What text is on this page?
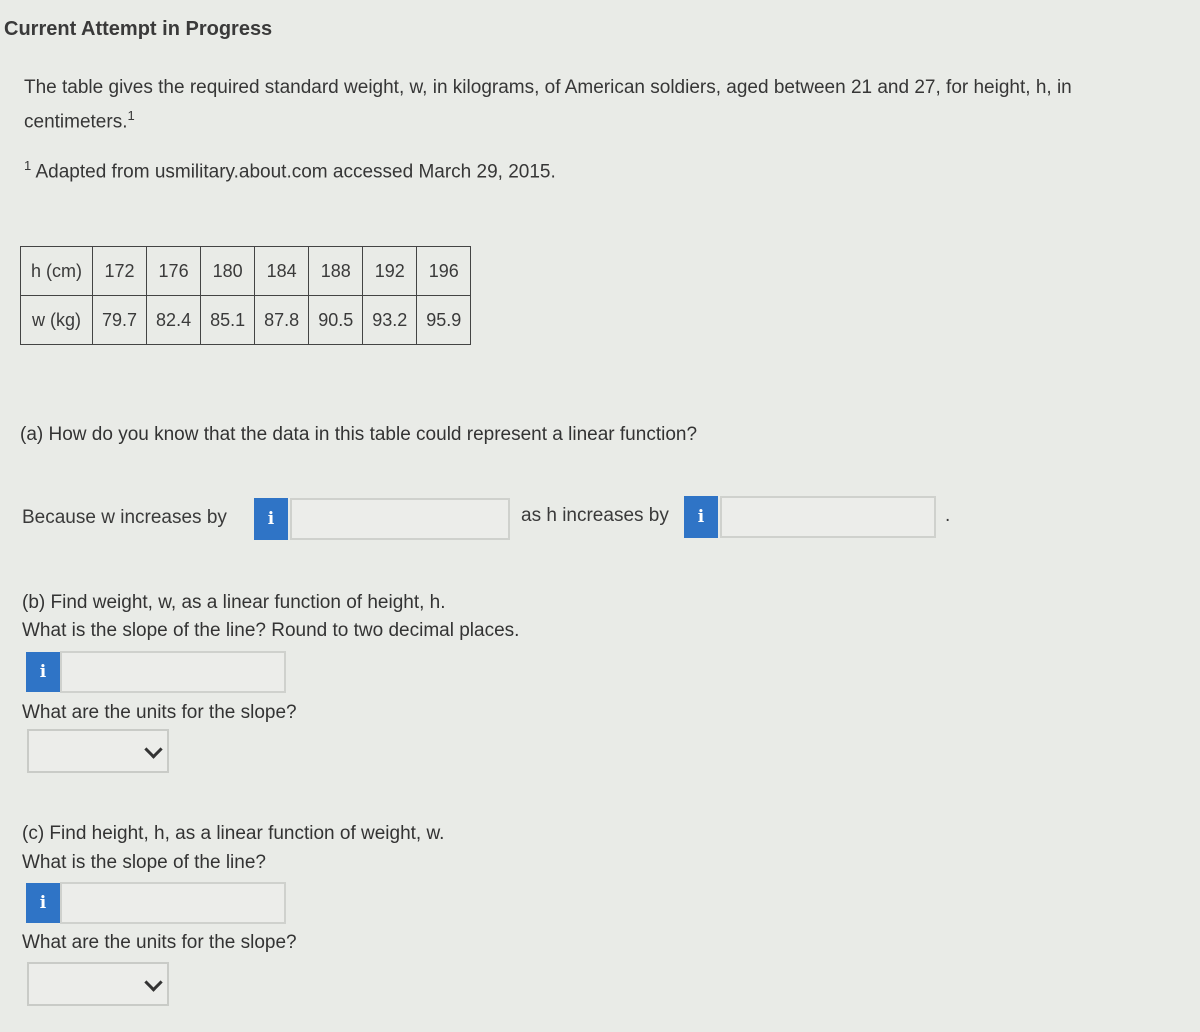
Current Attempt in Progress
The table gives the required standard weight, w, in kilograms, of American soldiers, aged between 21 and 27, for height, h, in centimeters.$^1$
$^1$ Adapted from usmilitary.about.com accessed March 29, 2015.
h (cm)	172	176	180	184	188	192	196
w (kg)	79.7	82.4	85.1	87.8	90.5	93.2	95.9
(a) How do you know that the data in this table could represent a linear function?
Because w increases by	i	as h increases by	i	.
(b) Find weight, w, as a linear function of height, h.
What is the slope of the line? Round to two decimal places.
i
What are the units for the slope?
(c) Find height, h, as a linear function of weight, w.
What is the slope of the line?
i
What are the units for the slope?
